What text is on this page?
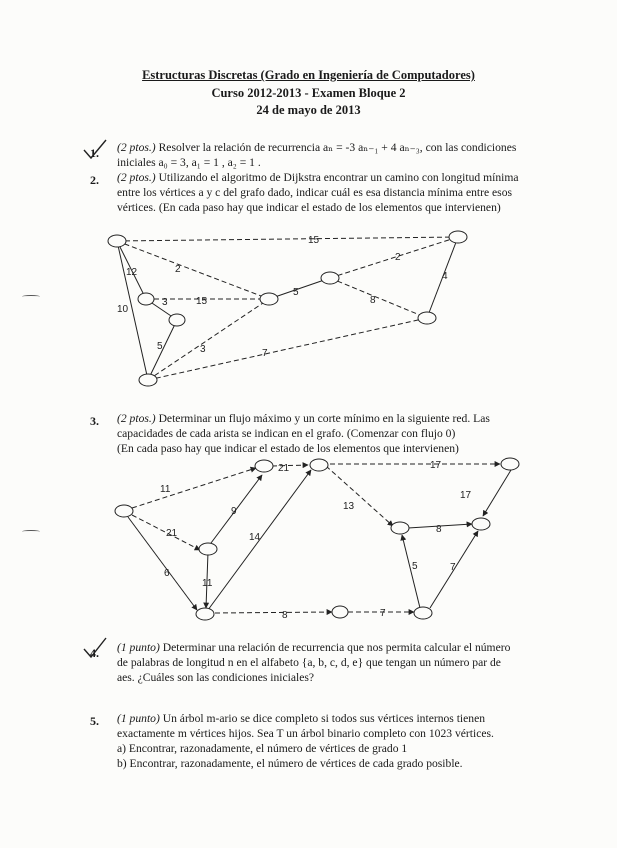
Estructuras Discretas (Grado en Ingeniería de Computadores)
Curso 2012-2013 - Examen Bloque 2
24 de mayo de 2013
1. (2 ptos.) Resolver la relación de recurrencia aₙ = -3 aₙ₋₁ + 4 aₙ₋₃, con las condiciones
iniciales a₀ = 3, a₁ = 1 , a₂ = 1 .
2. (2 ptos.) Utilizando el algoritmo de Dijkstra encontrar un camino con longitud mínima
entre los vértices a y c del grafo dado, indicar cuál es esa distancia mínima entre esos
vértices. (En cada paso hay que indicar el estado de los elementos que intervienen)
15
2
12
10
15
5
8
2
4
3	7
5
3
3. (2 ptos.) Determinar un flujo máximo y un corte mínimo en la siguiente red. Las
capacidades de cada arista se indican en el grafo. (Comenzar con flujo 0)
(En cada paso hay que indicar el estado de los elementos que intervienen)
11
21
21
9
14
6
11
13
17
17
8
5	7
8	7
4. (1 punto) Determinar una relación de recurrencia que nos permita calcular el número
de palabras de longitud n en el alfabeto {a, b, c, d, e} que tengan un número par de
aes. ¿Cuáles son las condiciones iniciales?
5. (1 punto) Un árbol m-ario se dice completo si todos sus vértices internos tienen
exactamente m vértices hijos. Sea T un árbol binario completo con 1023 vértices.
a) Encontrar, razonadamente, el número de vértices de grado 1
b) Encontrar, razonadamente, el número de vértices de cada grado posible.
